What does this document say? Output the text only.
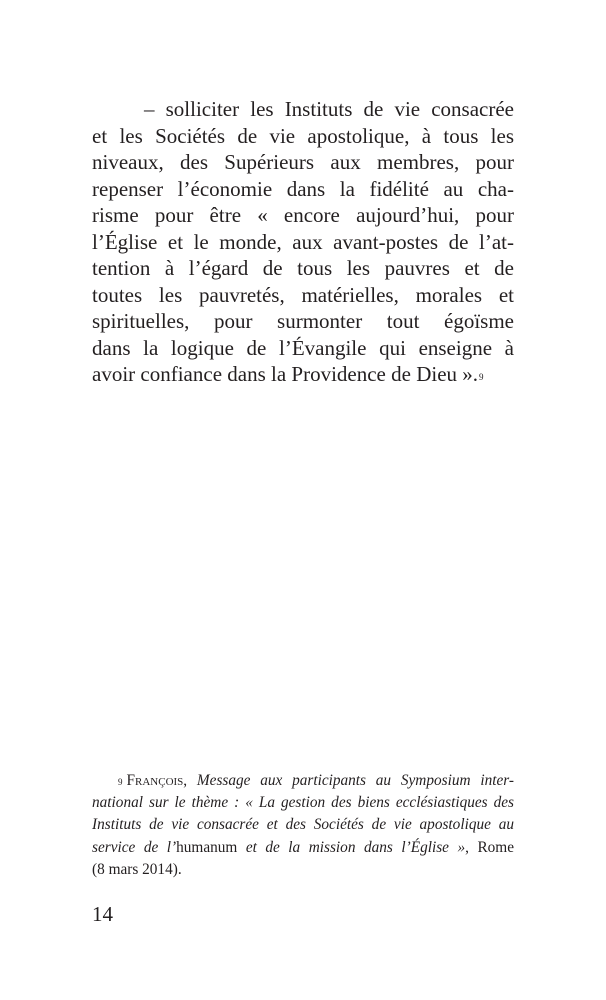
– solliciter les Instituts de vie consacrée
et les Sociétés de vie apostolique, à tous les
niveaux, des Supérieurs aux membres, pour
repenser l’économie dans la fidélité au cha-
risme pour être « encore aujourd’hui, pour
l’Église et le monde, aux avant-postes de l’at-
tention à l’égard de tous les pauvres et de
toutes les pauvretés, matérielles, morales et
spirituelles, pour surmonter tout égoïsme
dans la logique de l’Évangile qui enseigne à
avoir confiance dans la Providence de Dieu ».$^9$
$^9$ François, Message aux participants au Symposium inter-
national sur le thème : « La gestion des biens ecclésiastiques des
Instituts de vie consacrée et des Sociétés de vie apostolique au
service de l’humanum et de la mission dans l’Église », Rome
(8 mars 2014).
14
